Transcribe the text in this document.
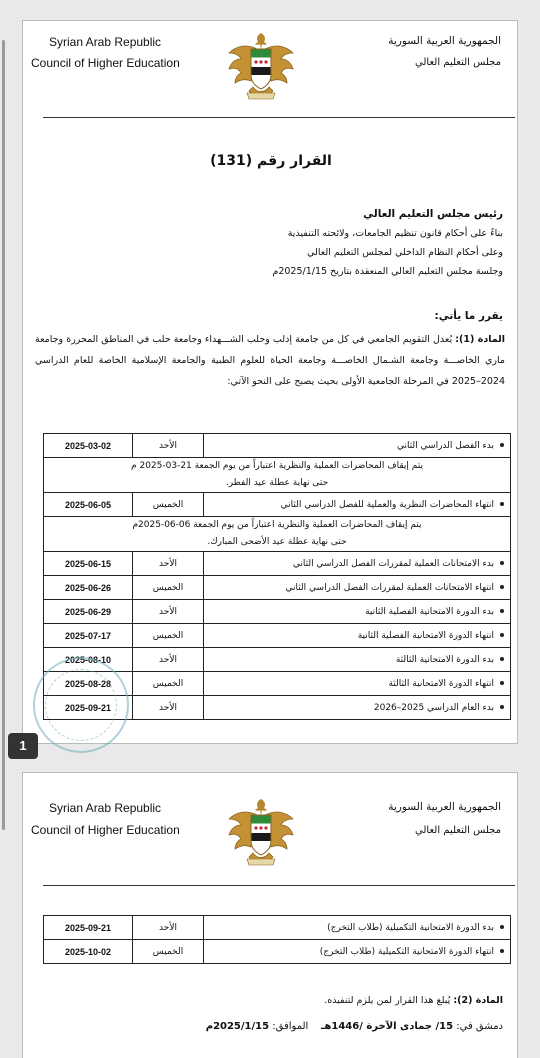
Syrian Arab Republic
Council of Higher Education
الجمهورية العربية السورية
مجلس التعليم العالي
القرار رقم (131)
رئيس مجلس التعليم العالي
بناءً على أحكام قانون تنظيم الجامعات، ولائحته التنفيذية
وعلى أحكام النظام الداخلي لمجلس التعليم العالي
وجلسة مجلس التعليم العالي المنعقدة بتاريخ 2025/1/15م
يقرر ما يأتي:
المادة (1): يُعدل التقويم الجامعي في كل من جامعة إدلب وحلب الشـــهداء وجامعة حلب في المناطق المحررة وجامعة ماري الخاصـــة وجامعة الشـمال الخاصـــة وجامعة الحياة للعلوم الطبية والجامعة الإسلامية الخاصة للعام الدراسي 2024–2025 في المرحلة الجامعية الأولى بحيث يصبح على النحو الآتي:
2025-03-02	الأحد	بدء الفصل الدراسي الثاني

يتم إيقاف المحاضرات العملية والنظرية اعتباراً من يوم الجمعة 21-03-2025 م
حتى نهاية عطلة عيد الفطر.		

2025-06-05	الخميس	انتهاء المحاضرات النظرية والعملية للفصل الدراسي الثاني

يتم إيقاف المحاضرات العملية والنظرية اعتباراً من يوم الجمعة 06-06-2025م
حتى نهاية عطلة عيد الأضحى المبارك.		

2025-06-15	الأحد	بدء الامتحانات العملية لمقررات الفصل الدراسي الثاني
2025-06-26	الخميس	انتهاء الامتحانات العملية لمقررات الفصل الدراسي الثاني
2025-06-29	الأحد	بدء الدورة الامتحانية الفصلية الثانية
2025-07-17	الخميس	انتهاء الدورة الامتحانية الفصلية الثانية
2025-08-10	الأحد	بدء الدورة الامتحانية الثالثة
2025-08-28	الخميس	انتهاء الدورة الامتحانية الثالثة
2025-09-21	الأحد	بدء العام الدراسي 2025–2026
1
Syrian Arab Republic
Council of Higher Education
الجمهورية العربية السورية
مجلس التعليم العالي
2025-09-21	الأحد	بدء الدورة الامتحانية التكميلية (طلاب التخرج)
2025-10-02	الخميس	انتهاء الدورة الامتحانية التكميلية (طلاب التخرج)
المادة (2): يُبلغ هذا القرار لمن يلزم لتنفيذه.
دمشق في: 15/ جمادى الآخرة /1446هـ    الموافق: 2025/1/15م
